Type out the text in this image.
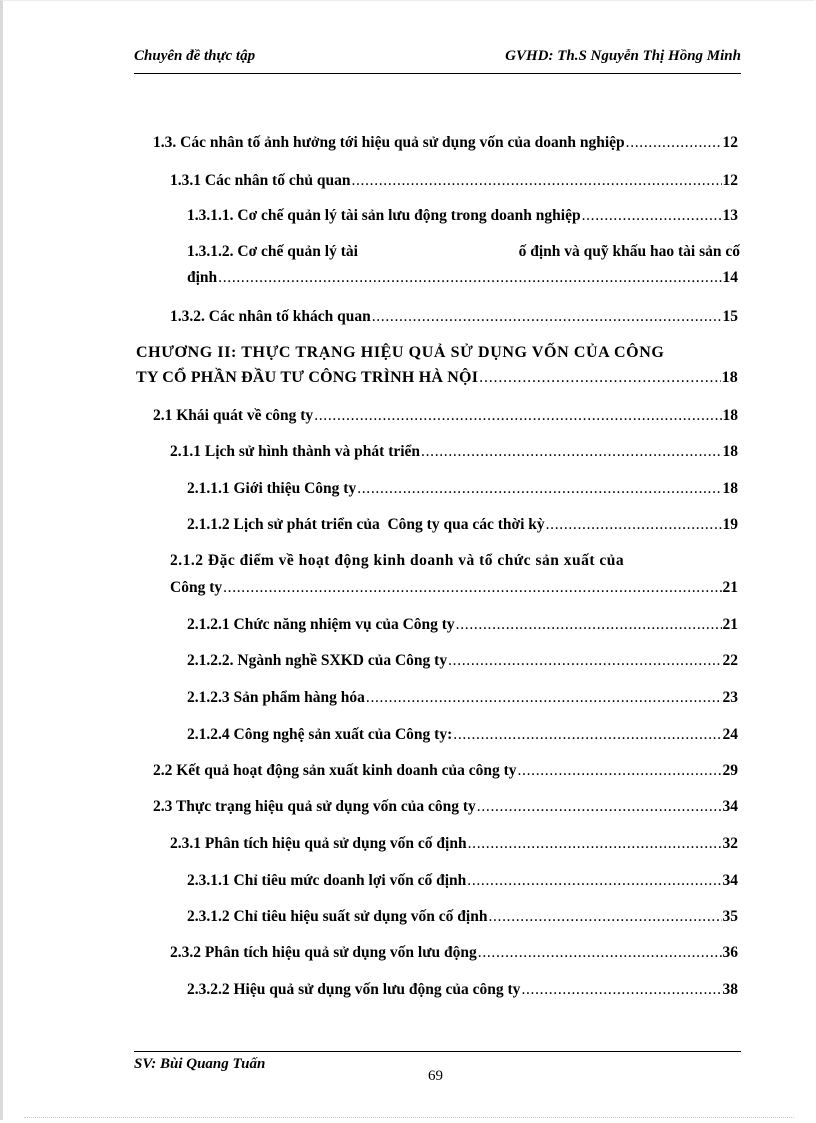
Chuyên đề thực tập	GVHD: Th.S Nguyễn Thị Hồng Minh
1.3. Các nhân tố ảnh hưởng tới hiệu quả sử dụng vốn của doanh nghiệp . . .	12
1.3.1 Các nhân tố chủ quan . . .	12
1.3.1.1. Cơ chế quản lý tài sản lưu động trong doanh nghiệp . . .	13
1.3.1.2. Cơ chế quản lý tài	ố định và quỹ khấu hao tài sản cố
định . . .	14
1.3.2. Các nhân tố khách quan . . .	15
CHƯƠNG II: THỰC TRẠNG HIỆU QUẢ SỬ DỤNG VỐN CỦA CÔNG
TY CỔ PHẦN ĐẦU TƯ CÔNG TRÌNH HÀ NỘI . . .	18
2.1 Khái quát về công ty . . .	18
2.1.1 Lịch sử hình thành và phát triển . . .	18
2.1.1.1 Giới thiệu Công ty . . .	18
2.1.1.2 Lịch sử phát triển của  Công ty qua các thời kỳ . . .	19
2.1.2 Đặc điểm về hoạt động kinh doanh và tổ chức sản xuất của
Công ty . . .	21
2.1.2.1 Chức năng nhiệm vụ của Công ty . . .	21
2.1.2.2. Ngành nghề SXKD của Công ty . . .	22
2.1.2.3 Sản phẩm hàng hóa . . .	23
2.1.2.4 Công nghệ sản xuất của Công ty: . . .	24
2.2 Kết quả hoạt động sản xuất kinh doanh của công ty . . .	29
2.3 Thực trạng hiệu quả sử dụng vốn của công ty . . .	34
2.3.1 Phân tích hiệu quả sử dụng vốn cố định . . .	32
2.3.1.1 Chỉ tiêu mức doanh lợi vốn cố định . . .	34
2.3.1.2 Chỉ tiêu hiệu suất sử dụng vốn cố định . . .	35
2.3.2 Phân tích hiệu quả sử dụng vốn lưu động . . .	36
2.3.2.2 Hiệu quả sử dụng vốn lưu động của công ty . . .	38
SV: Bùi Quang Tuấn
69
